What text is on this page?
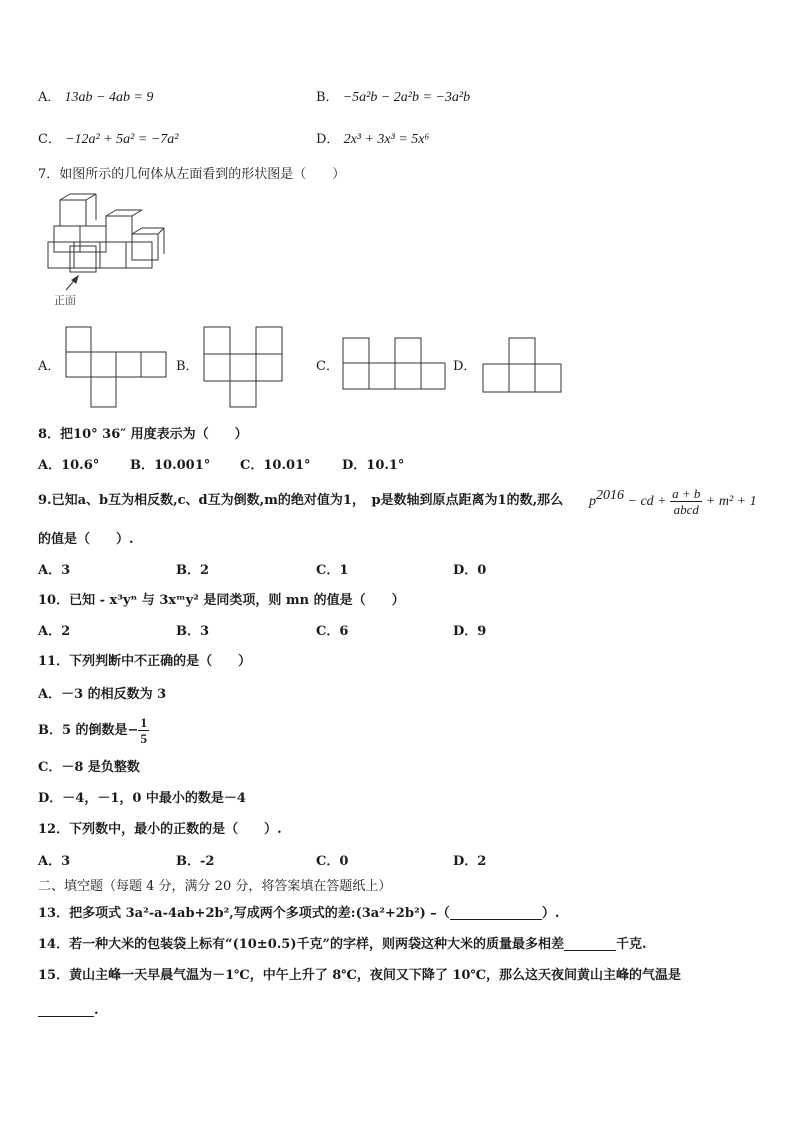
A． 13ab − 4ab = 9	B． −5a²b − 2a²b = −3a²b
C． −12a² + 5a² = −7a²	D． 2x³ + 3x³ = 5x⁶
7．如图所示的几何体从左面看到的形状图是（　　）
正面
A．	B．	C．	D．
8．把10° 36″ 用度表示为（　　）
A．10.6° B．10.001° C．10.01° D．10.1°
9.已知a、b互为相反数,c、d互为倒数,m的绝对值为1，　p是数轴到原点距离为1的数,那么 $p^{2016}$ − cd + $\frac{a + b}{\text{abcd}} + m^2 + 1$
的值是（　　）.
A．3	B．2	C．1	D．0
10．已知 - x³yⁿ 与 3xᵐy² 是同类项，则 mn 的值是（　　）
A．2	B．3	C．6	D．9
11．下列判断中不正确的是（　　）
A．－3 的相反数为 3
B．5 的倒数是− $\frac{1}{5}$
C．－8 是负整数
D．－4，－1，0 中最小的数是－4
12．下列数中，最小的正数的是（　　）.
A．3	B．-2	C．0	D．2
二、填空题（每题 4 分，满分 20 分，将答案填在答题纸上）
13．把多项式 3a²-a-4ab+2b²,写成两个多项式的差:(3a²+2b²) –（	）.
14．若一种大米的包装袋上标有“(10±0.5)千克”的字样，则两袋这种大米的质量最多相差	千克.
15．黄山主峰一天早晨气温为－1℃，中午上升了 8℃，夜间又下降了 10℃，那么这天夜间黄山主峰的气温是
.
